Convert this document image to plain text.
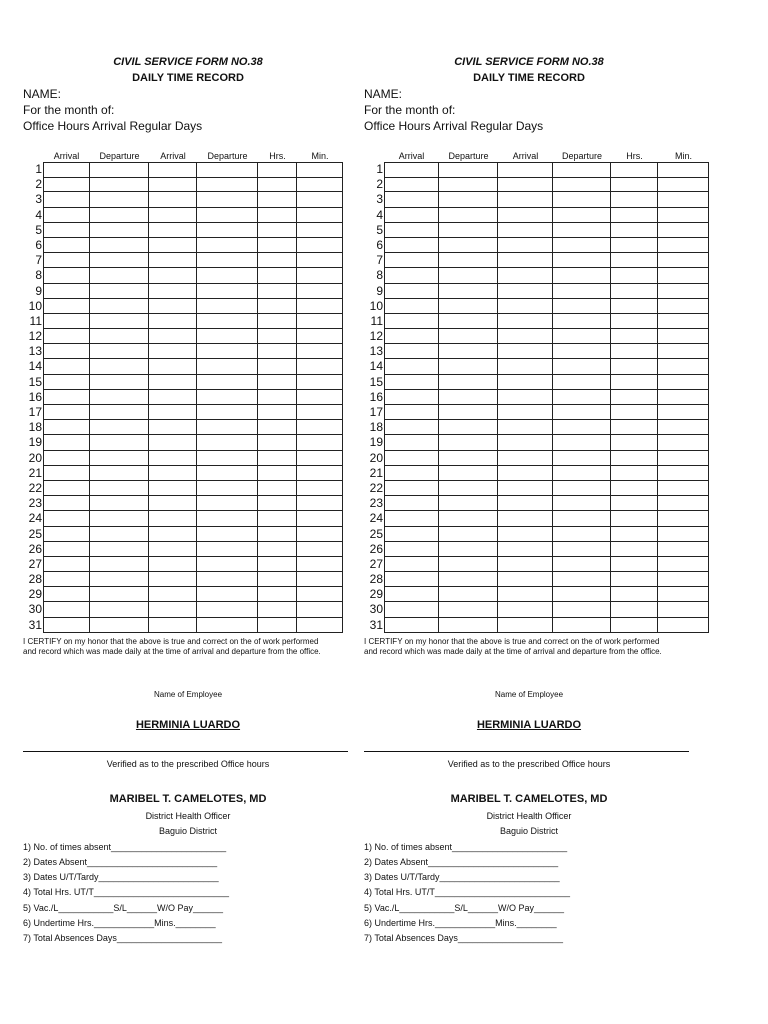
CIVIL SERVICE FORM NO.38
DAILY TIME RECORD
NAME:
For the month of:
Office Hours Arrival Regular Days
Arrival	Departure	Arrival	Departure	Hrs.	Min.
1
2
3
4
5
6
7
8
9
10
11
12
13
14
15
16
17
18
19
20
21
22
23
24
25
26
27
28
29
30
31
I CERTIFY on my honor that the above is true and correct on the of work performed and record which was made daily at the time of arrival and departure from the office.
Name of Employee
HERMINIA LUARDO
Verified as to the prescribed Office hours
MARIBEL T. CAMELOTES, MD
District Health Officer
Baguio District
1) No. of times absent_______________________
2) Dates Absent__________________________
3) Dates U/T/Tardy________________________
4) Total Hrs. UT/T___________________________
5) Vac./L___________S/L______W/O Pay______
6) Undertime Hrs.____________Mins.________
7) Total Absences Days_____________________
CIVIL SERVICE FORM NO.38
DAILY TIME RECORD
NAME:
For the month of:
Office Hours Arrival Regular Days
Arrival	Departure	Arrival	Departure	Hrs.	Min.
1
2
3
4
5
6
7
8
9
10
11
12
13
14
15
16
17
18
19
20
21
22
23
24
25
26
27
28
29
30
31
I CERTIFY on my honor that the above is true and correct on the of work performed and record which was made daily at the time of arrival and departure from the office.
Name of Employee
HERMINIA LUARDO
Verified as to the prescribed Office hours
MARIBEL T. CAMELOTES, MD
District Health Officer
Baguio District
1) No. of times absent_______________________
2) Dates Absent__________________________
3) Dates U/T/Tardy________________________
4) Total Hrs. UT/T___________________________
5) Vac./L___________S/L______W/O Pay______
6) Undertime Hrs.____________Mins.________
7) Total Absences Days_____________________
